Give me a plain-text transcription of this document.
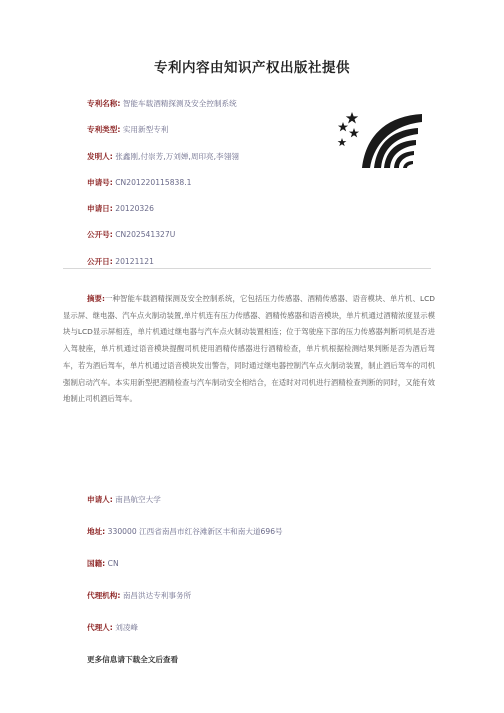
专利内容由知识产权出版社提供
专利名称: 智能车载酒精探测及安全控制系统
专利类型: 实用新型专利
发明人: 张鑫刚,付崇芳,万刘婵,周印亮,李翎翎
申请号: CN201220115838.1
申请日: 20120326
公开号: CN202541327U
公开日: 20121121

摘要:一种智能车载酒精探测及安全控制系统，它包括压力传感器、酒精传感器、语音模块、单片机、LCD显示屏、继电器、汽车点火制动装置,单片机连有压力传感器、酒精传感器和语音模块，单片机通过酒精浓度显示模块与LCD显示屏相连，单片机通过继电器与汽车点火制动装置相连；位于驾驶座下部的压力传感器判断司机是否进入驾驶座，单片机通过语音模块提醒司机使用酒精传感器进行酒精检查，单片机根据检测结果判断是否为酒后驾车，若为酒后驾车，单片机通过语音模块发出警告，同时通过继电器控制汽车点火制动装置，制止酒后驾车的司机强制启动汽车。本实用新型把酒精检查与汽车制动安全相结合，在适时对司机进行酒精检查判断的同时，又能有效地制止司机酒后驾车。

申请人: 南昌航空大学
地址: 330000 江西省南昌市红谷滩新区丰和南大道696号
国籍: CN
代理机构: 南昌洪达专利事务所
代理人: 刘凌峰
更多信息请下载全文后查看
